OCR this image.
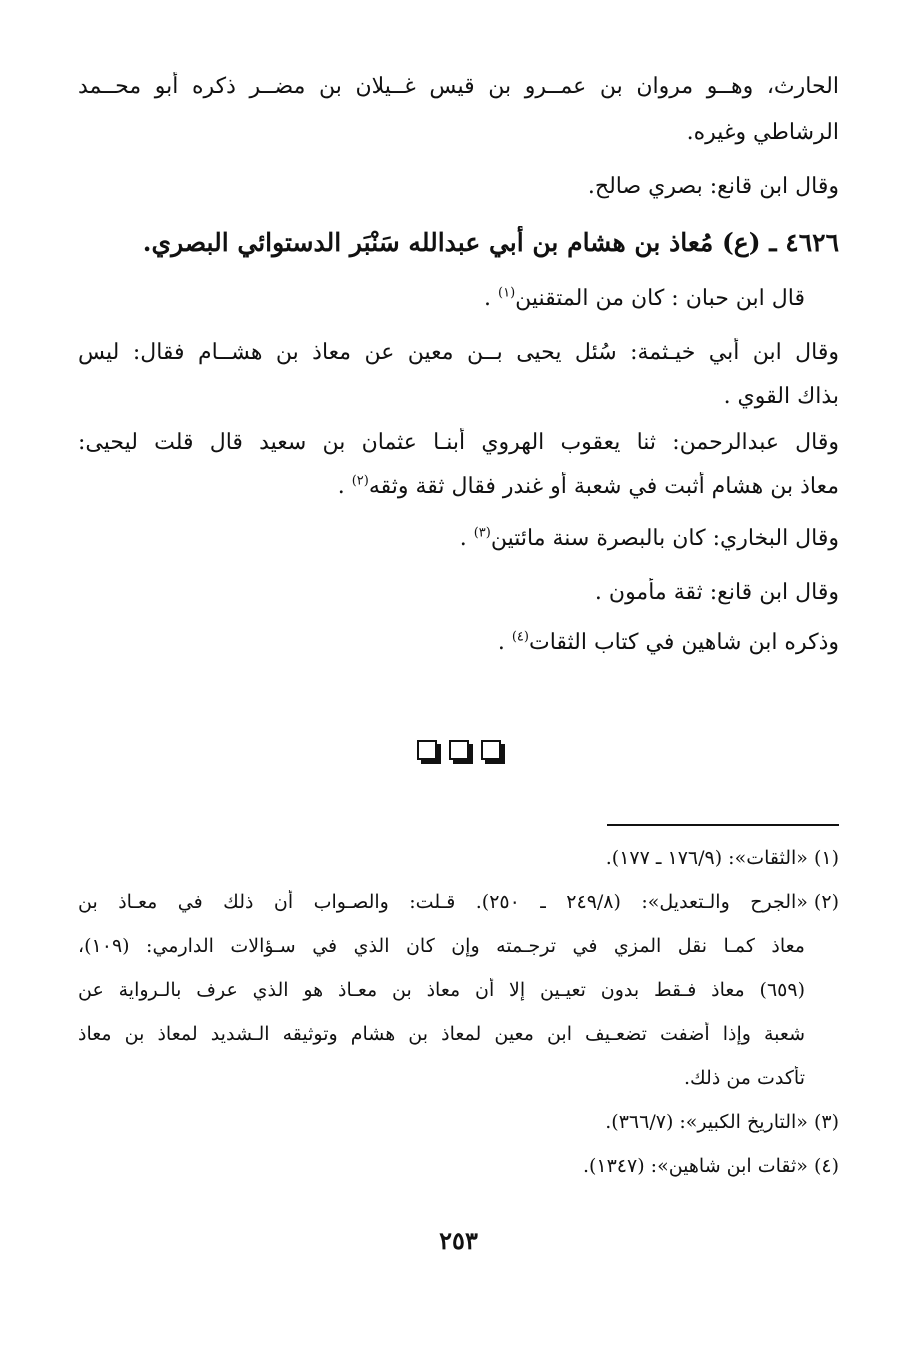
الحارث، وهــو مروان بن عمــرو بن قيس غــيلان بن مضــر ذكره أبو محــمد
الرشاطي وغيره.
وقال ابن قانع: بصري صالح.
٤٦٢٦ ـ (ع) مُعاذ بن هشام بن أبي عبدالله سَنْبَر الدستوائي البصري.
قال ابن حبان : كان من المتقنين$^{(١)}$ .
وقال ابن أبي خيـثمة: سُئل يحيى بــن معين عن معاذ بن هشــام فقال: ليس
بذاك القوي .
وقال عبدالرحمن: ثنا يعقوب الهروي أبنـا عثمان بن سعيد قال قلت ليحيى:
معاذ بن هشام أثبت في شعبة أو غندر فقال ثقة وثقه$^{(٢)}$ .
وقال البخاري: كان بالبصرة سنة مائتين$^{(٣)}$ .
وقال ابن قانع: ثقة مأمون .
وذكره ابن شاهين في كتاب الثقات$^{(٤)}$ .
(١)«الثقات»: (١٧٦/٩ ـ ١٧٧).
(٢)«الجرح والـتعديل»: (٢٤٩/٨ ـ ٢٥٠). قـلت: والصـواب أن ذلك في معـاذ بن
معاذ كمـا نقل المزي في ترجـمته وإن كان الذي في سـؤالات الدارمي: (١٠٩)،
(٦٥٩) معاذ فـقط بدون تعيـين إلا أن معاذ بن معـاذ هو الذي عرف بالـرواية عن
شعبة وإذا أضفت تضعـيف ابن معين لمعاذ بن هشام وتوثيقه الـشديد لمعاذ بن معاذ
تأكدت من ذلك.
(٣)«التاريخ الكبير»: (٣٦٦/٧).
(٤)«ثقات ابن شاهين»: (١٣٤٧).
٢٥٣
